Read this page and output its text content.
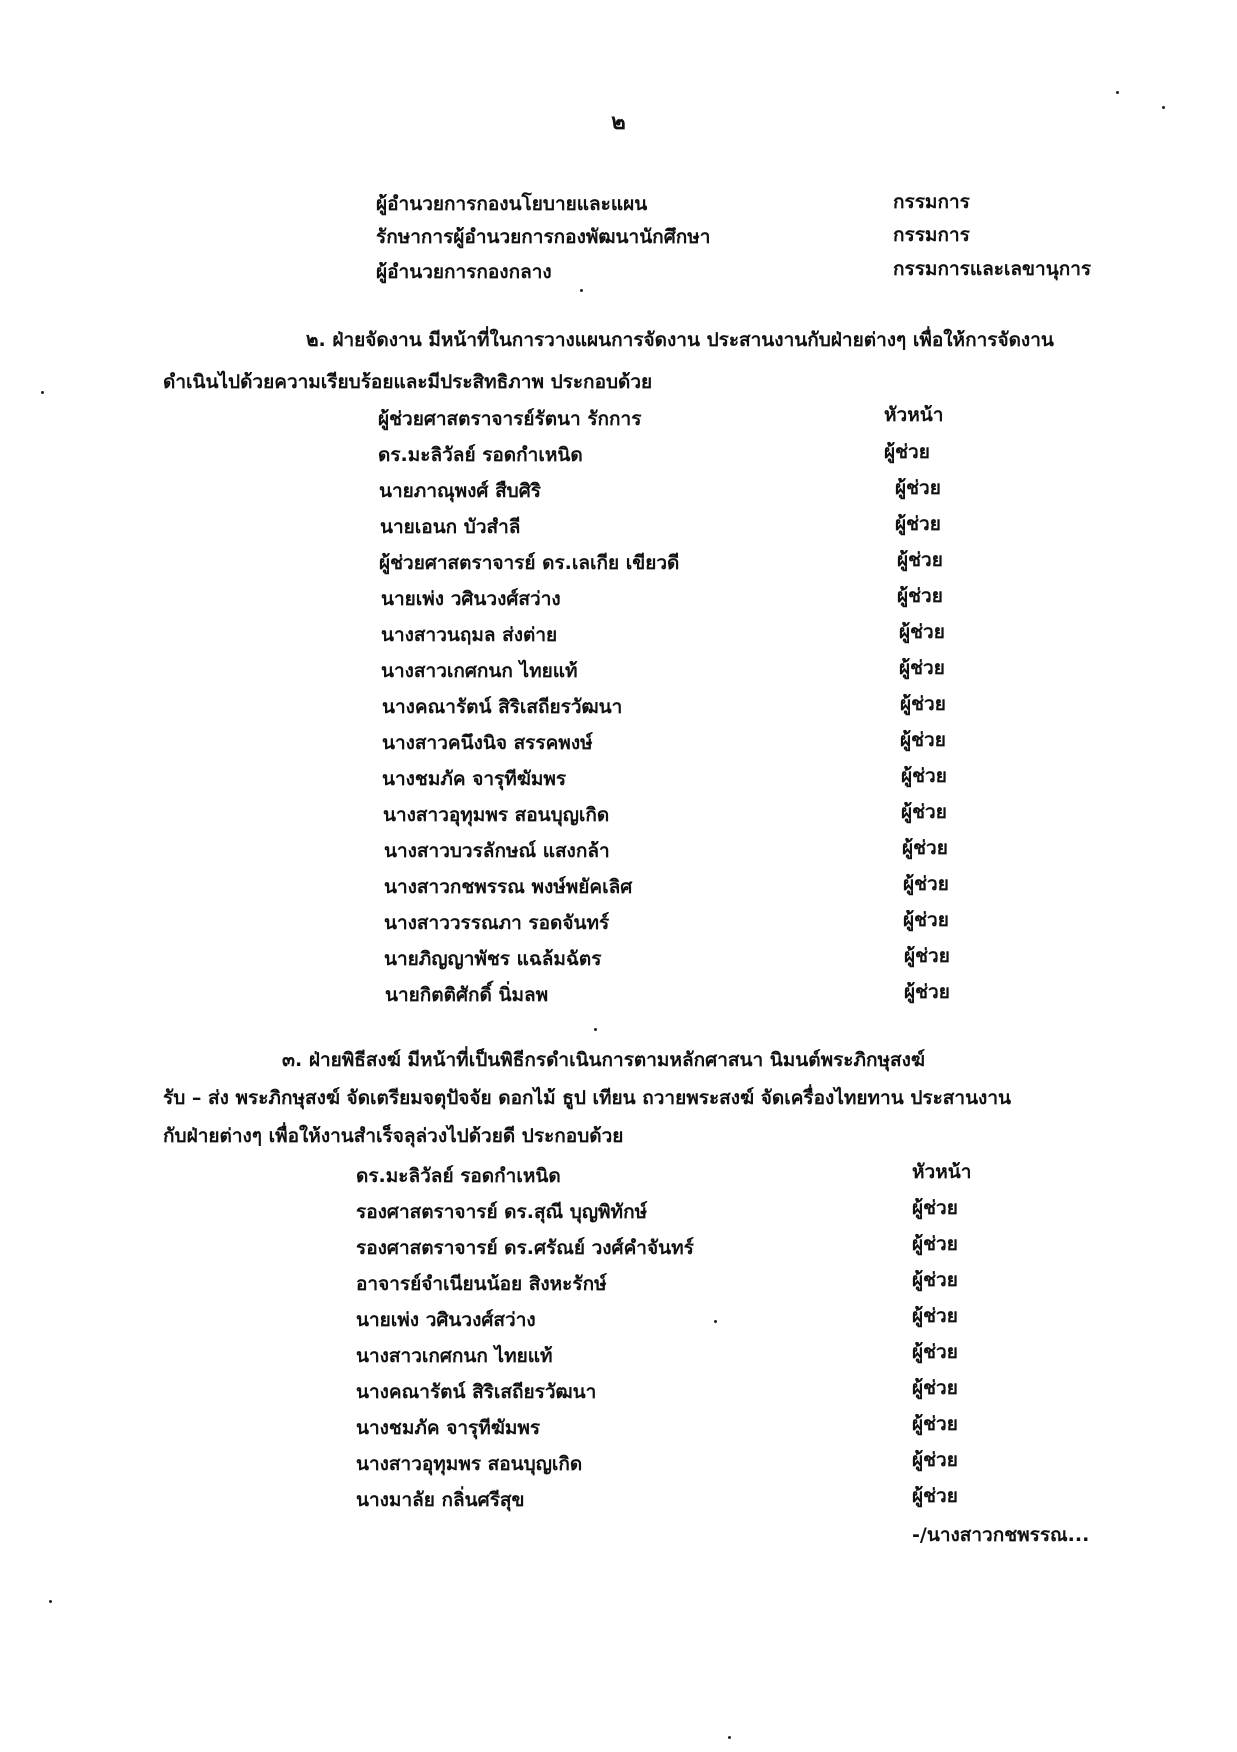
๒
ผู้อำนวยการกองนโยบายและแผน	กรรมการ
รักษาการผู้อำนวยการกองพัฒนานักศึกษา	กรรมการ
ผู้อำนวยการกองกลาง	กรรมการและเลขานุการ
๒. ฝ่ายจัดงาน มีหน้าที่ในการวางแผนการจัดงาน ประสานงานกับฝ่ายต่างๆ เพื่อให้การจัดงาน
ดำเนินไปด้วยความเรียบร้อยและมีประสิทธิภาพ ประกอบด้วย
ผู้ช่วยศาสตราจารย์รัตนา รักการ	หัวหน้า
ดร.มะลิวัลย์ รอดกำเหนิด	ผู้ช่วย
นายภาณุพงศ์ สืบศิริ	ผู้ช่วย
นายเอนก บัวสำลี	ผู้ช่วย
ผู้ช่วยศาสตราจารย์ ดร.เลเกีย เขียวดี	ผู้ช่วย
นายเพ่ง วศินวงศ์สว่าง	ผู้ช่วย
นางสาวนฤมล ส่งต่าย	ผู้ช่วย
นางสาวเกศกนก ไทยแท้	ผู้ช่วย
นางคณารัตน์ สิริเสถียรวัฒนา	ผู้ช่วย
นางสาวคนึงนิจ สรรคพงษ์	ผู้ช่วย
นางชมภัค จารุทีฆัมพร	ผู้ช่วย
นางสาวอุทุมพร สอนบุญเกิด	ผู้ช่วย
นางสาวบวรลักษณ์ แสงกล้า	ผู้ช่วย
นางสาวกชพรรณ พงษ์พยัคเลิศ	ผู้ช่วย
นางสาววรรณภา รอดจันทร์	ผู้ช่วย
นายภิญญาพัชร แฉล้มฉัตร	ผู้ช่วย
นายกิตติศักดิ์ นิ่มลพ	ผู้ช่วย
๓. ฝ่ายพิธีสงฆ์ มีหน้าที่เป็นพิธีกรดำเนินการตามหลักศาสนา นิมนต์พระภิกษุสงฆ์
รับ – ส่ง พระภิกษุสงฆ์ จัดเตรียมจตุปัจจัย ดอกไม้ ธูป เทียน ถวายพระสงฆ์ จัดเครื่องไทยทาน ประสานงาน
กับฝ่ายต่างๆ เพื่อให้งานสำเร็จลุล่วงไปด้วยดี ประกอบด้วย
ดร.มะลิวัลย์ รอดกำเหนิด	หัวหน้า
รองศาสตราจารย์ ดร.สุณี บุญพิทักษ์	ผู้ช่วย
รองศาสตราจารย์ ดร.ศรัณย์ วงศ์คำจันทร์	ผู้ช่วย
อาจารย์จำเนียนน้อย สิงหะรักษ์	ผู้ช่วย
นายเพ่ง วศินวงศ์สว่าง	ผู้ช่วย
นางสาวเกศกนก ไทยแท้	ผู้ช่วย
นางคณารัตน์ สิริเสถียรวัฒนา	ผู้ช่วย
นางชมภัค จารุทีฆัมพร	ผู้ช่วย
นางสาวอุทุมพร สอนบุญเกิด	ผู้ช่วย
นางมาลัย กลิ่นศรีสุข	ผู้ช่วย
-/นางสาวกชพรรณ...
